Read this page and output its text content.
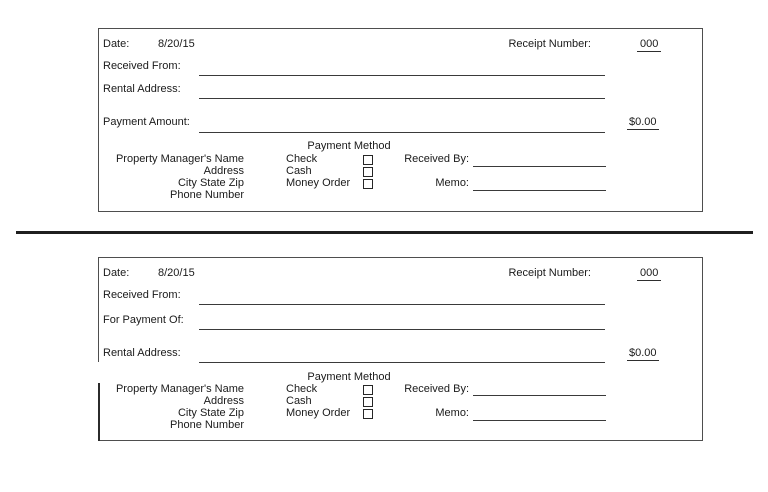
Date:	8/20/15	Receipt Number:	000
Received From:
Rental Address:
Payment Amount:	$0.00
Payment Method
Check
Cash
Money Order
Property Manager's Name
Address
City State Zip
Phone Number
Received By:
Memo:
Date:	8/20/15	Receipt Number:	000
Received From:
For Payment Of:
Rental Address:	$0.00
Payment Method
Check
Cash
Money Order
Property Manager's Name
Address
City State Zip
Phone Number
Received By:
Memo:
